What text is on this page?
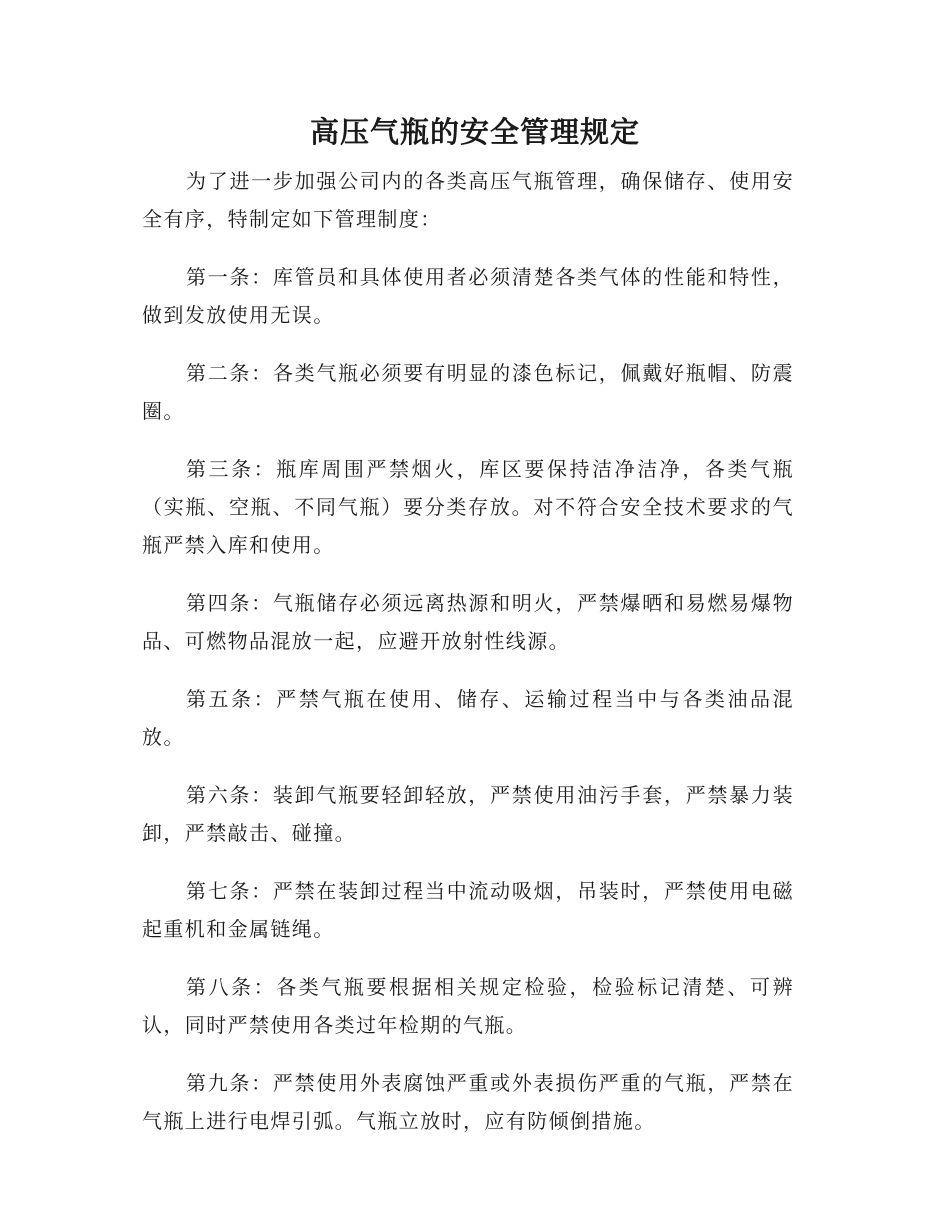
高压气瓶的安全管理规定

为了进一步加强公司内的各类高压气瓶管理，确保储存、使用安全有序，特制定如下管理制度：

第一条：库管员和具体使用者必须清楚各类气体的性能和特性，做到发放使用无误。

第二条：各类气瓶必须要有明显的漆色标记，佩戴好瓶帽、防震圈。

第三条：瓶库周围严禁烟火，库区要保持洁净洁净，各类气瓶（实瓶、空瓶、不同气瓶）要分类存放。对不符合安全技术要求的气瓶严禁入库和使用。

第四条：气瓶储存必须远离热源和明火，严禁爆晒和易燃易爆物品、可燃物品混放一起，应避开放射性线源。

第五条：严禁气瓶在使用、储存、运输过程当中与各类油品混放。

第六条：装卸气瓶要轻卸轻放，严禁使用油污手套，严禁暴力装卸，严禁敲击、碰撞。

第七条：严禁在装卸过程当中流动吸烟，吊装时，严禁使用电磁起重机和金属链绳。

第八条：各类气瓶要根据相关规定检验，检验标记清楚、可辨认，同时严禁使用各类过年检期的气瓶。

第九条：严禁使用外表腐蚀严重或外表损伤严重的气瓶，严禁在气瓶上进行电焊引弧。气瓶立放时，应有防倾倒措施。
